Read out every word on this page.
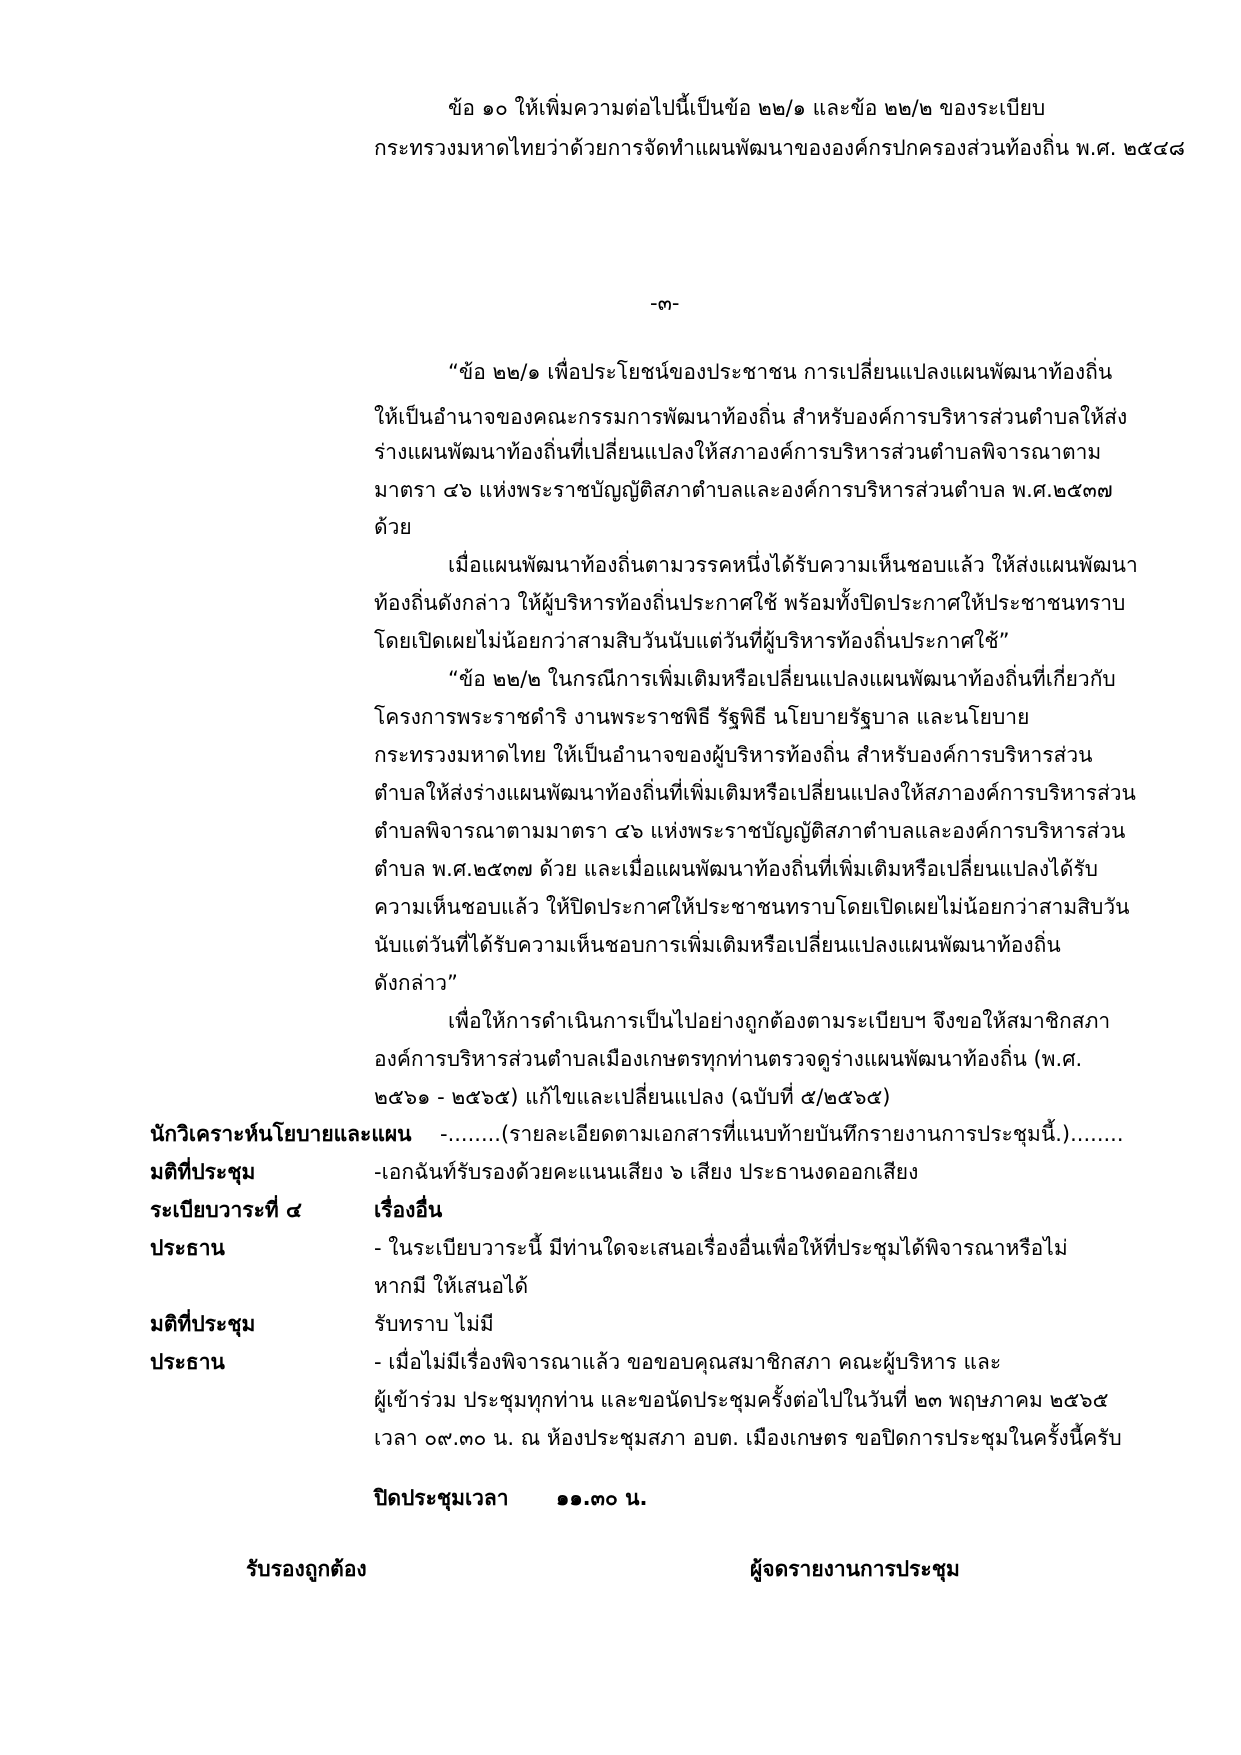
ข้อ ๑๐ ให้เพิ่มความต่อไปนี้เป็นข้อ ๒๒/๑ และข้อ ๒๒/๒ ของระเบียบ
กระทรวงมหาดไทยว่าด้วยการจัดทำแผนพัฒนาขององค์กรปกครองส่วนท้องถิ่น พ.ศ. ๒๕๔๘
-๓-
“ข้อ ๒๒/๑ เพื่อประโยชน์ของประชาชน การเปลี่ยนแปลงแผนพัฒนาท้องถิ่น
ให้เป็นอำนาจของคณะกรรมการพัฒนาท้องถิ่น สำหรับองค์การบริหารส่วนตำบลให้ส่ง
ร่างแผนพัฒนาท้องถิ่นที่เปลี่ยนแปลงให้สภาองค์การบริหารส่วนตำบลพิจารณาตาม
มาตรา ๔๖ แห่งพระราชบัญญัติสภาตำบลและองค์การบริหารส่วนตำบล พ.ศ.๒๕๓๗
ด้วย
เมื่อแผนพัฒนาท้องถิ่นตามวรรคหนึ่งได้รับความเห็นชอบแล้ว ให้ส่งแผนพัฒนา
ท้องถิ่นดังกล่าว ให้ผู้บริหารท้องถิ่นประกาศใช้ พร้อมทั้งปิดประกาศให้ประชาชนทราบ
โดยเปิดเผยไม่น้อยกว่าสามสิบวันนับแต่วันที่ผู้บริหารท้องถิ่นประกาศใช้”
“ข้อ ๒๒/๒ ในกรณีการเพิ่มเติมหรือเปลี่ยนแปลงแผนพัฒนาท้องถิ่นที่เกี่ยวกับ
โครงการพระราชดำริ งานพระราชพิธี รัฐพิธี นโยบายรัฐบาล และนโยบาย
กระทรวงมหาดไทย ให้เป็นอำนาจของผู้บริหารท้องถิ่น สำหรับองค์การบริหารส่วน
ตำบลให้ส่งร่างแผนพัฒนาท้องถิ่นที่เพิ่มเติมหรือเปลี่ยนแปลงให้สภาองค์การบริหารส่วน
ตำบลพิจารณาตามมาตรา ๔๖ แห่งพระราชบัญญัติสภาตำบลและองค์การบริหารส่วน
ตำบล พ.ศ.๒๕๓๗ ด้วย และเมื่อแผนพัฒนาท้องถิ่นที่เพิ่มเติมหรือเปลี่ยนแปลงได้รับ
ความเห็นชอบแล้ว ให้ปิดประกาศให้ประชาชนทราบโดยเปิดเผยไม่น้อยกว่าสามสิบวัน
นับแต่วันที่ได้รับความเห็นชอบการเพิ่มเติมหรือเปลี่ยนแปลงแผนพัฒนาท้องถิ่น
ดังกล่าว”
เพื่อให้การดำเนินการเป็นไปอย่างถูกต้องตามระเบียบฯ จึงขอให้สมาชิกสภา
องค์การบริหารส่วนตำบลเมืองเกษตรทุกท่านตรวจดูร่างแผนพัฒนาท้องถิ่น (พ.ศ.
๒๕๖๑ - ๒๕๖๕) แก้ไขและเปลี่ยนแปลง (ฉบับที่ ๕/๒๕๖๕)
นักวิเคราะห์นโยบายและแผน -........(รายละเอียดตามเอกสารที่แนบท้ายบันทึกรายงานการประชุมนี้.)........
มติที่ประชุม	-เอกฉันท์รับรองด้วยคะแนนเสียง ๖ เสียง ประธานงดออกเสียง
ระเบียบวาระที่ ๔	เรื่องอื่น
ประธาน	- ในระเบียบวาระนี้ มีท่านใดจะเสนอเรื่องอื่นเพื่อให้ที่ประชุมได้พิจารณาหรือไม่
หากมี ให้เสนอได้
มติที่ประชุม	รับทราบ ไม่มี
ประธาน	- เมื่อไม่มีเรื่องพิจารณาแล้ว ขอขอบคุณสมาชิกสภา คณะผู้บริหาร และ
ผู้เข้าร่วม ประชุมทุกท่าน และขอนัดประชุมครั้งต่อไปในวันที่ ๒๓ พฤษภาคม ๒๕๖๕
เวลา ๐๙.๓๐ น. ณ ห้องประชุมสภา อบต. เมืองเกษตร ขอปิดการประชุมในครั้งนี้ครับ
ปิดประชุมเวลา ๑๑.๓๐ น.
รับรองถูกต้อง	ผู้จดรายงานการประชุม
